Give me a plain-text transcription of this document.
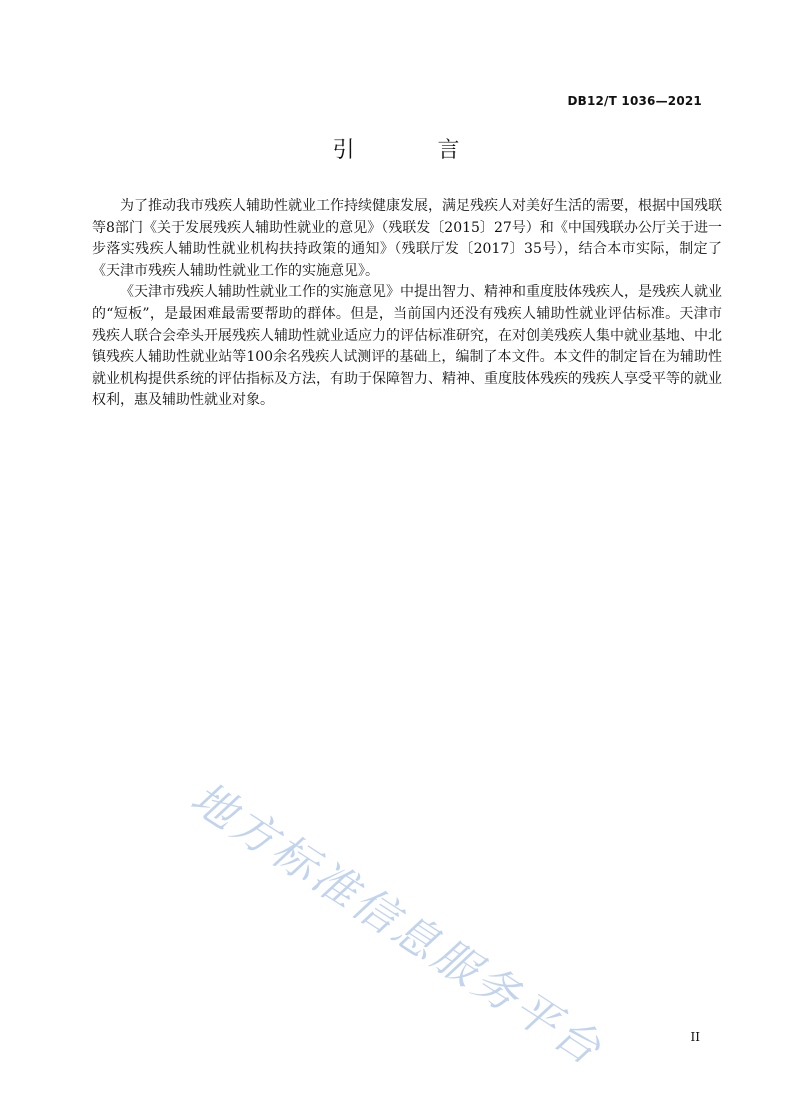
DB12/T 1036—2021
引 言

为了推动我市残疾人辅助性就业工作持续健康发展，满足残疾人对美好生活的需要，根据中国残联等8部门《关于发展残疾人辅助性就业的意见》（残联发〔2015〕27号）和《中国残联办公厅关于进一步落实残疾人辅助性就业机构扶持政策的通知》（残联厅发〔2017〕35号），结合本市实际，制定了《天津市残疾人辅助性就业工作的实施意见》。

《天津市残疾人辅助性就业工作的实施意见》中提出智力、精神和重度肢体残疾人，是残疾人就业的“短板”，是最困难最需要帮助的群体。但是，当前国内还没有残疾人辅助性就业评估标准。天津市残疾人联合会牵头开展残疾人辅助性就业适应力的评估标准研究，在对创美残疾人集中就业基地、中北镇残疾人辅助性就业站等100余名残疾人试测评的基础上，编制了本文件。本文件的制定旨在为辅助性就业机构提供系统的评估指标及方法，有助于保障智力、精神、重度肢体残疾的残疾人享受平等的就业权利，惠及辅助性就业对象。

地方标准信息服务平台	II
